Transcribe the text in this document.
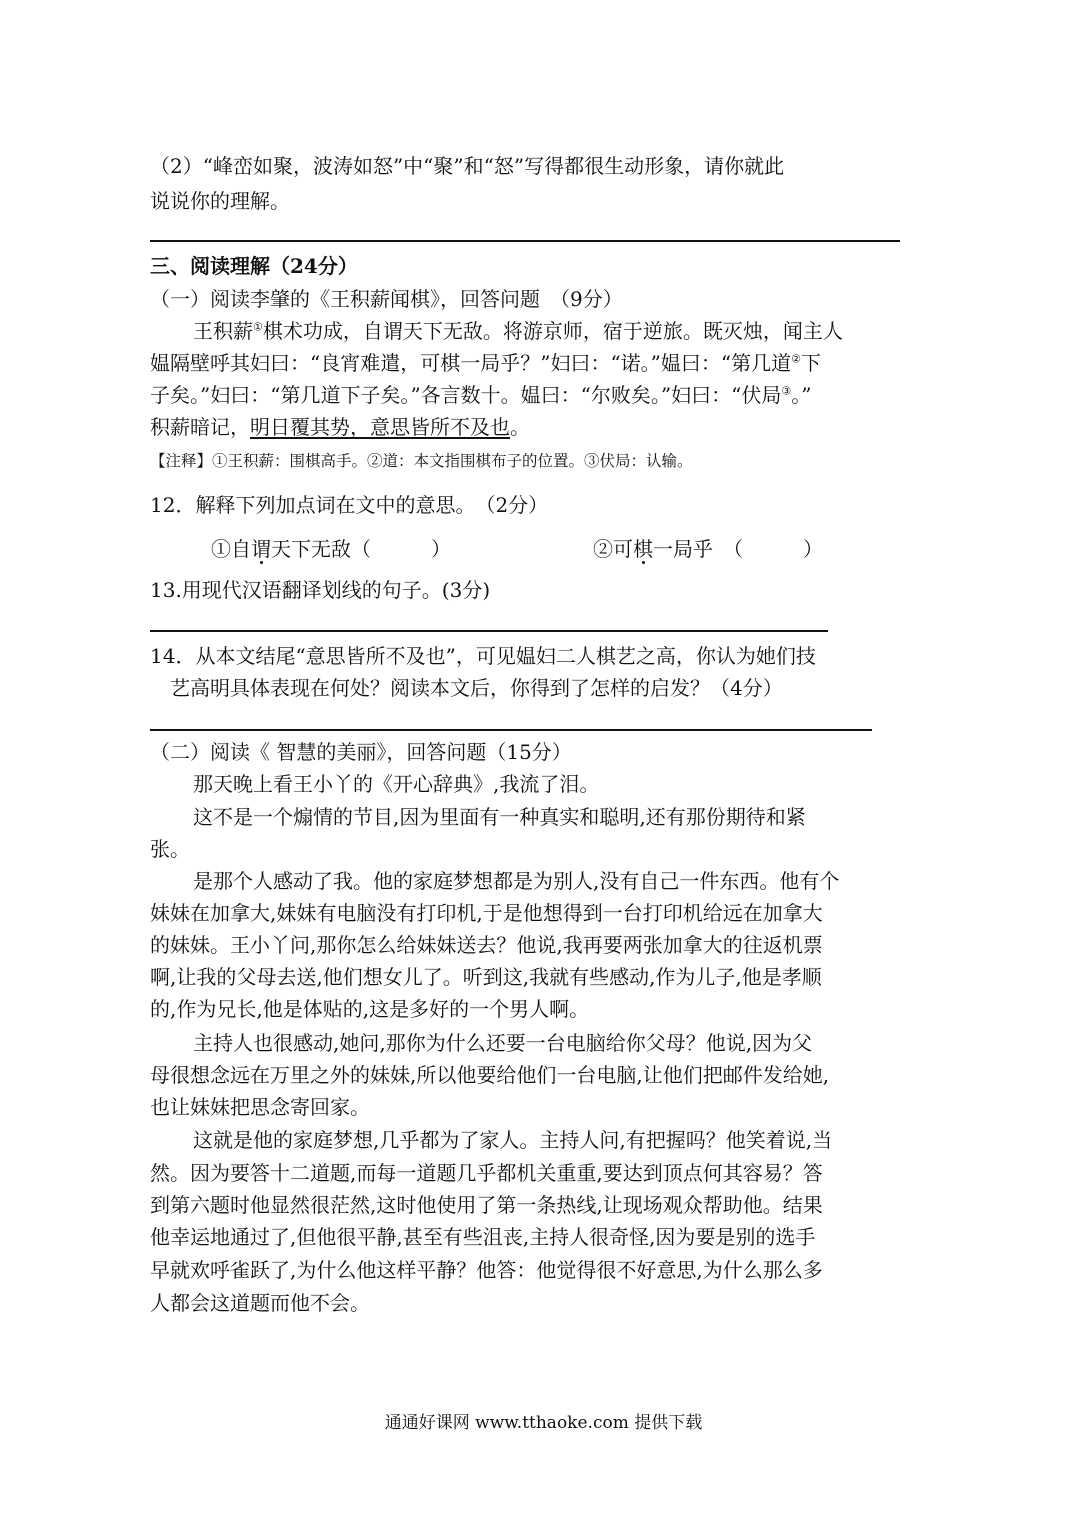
（2）“峰峦如聚，波涛如怒”中“聚”和“怒”写得都很生动形象，请你就此
说说你的理解。
三、阅读理解（24分）
（一）阅读李肇的《王积薪闻棋》，回答问题　（9分）
王积薪①棋术功成，自谓天下无敌。将游京师，宿于逆旅。既灭烛，闻主人
媪隔壁呼其妇曰：“良宵难遣，可棋一局乎？”妇曰：“诺。”媪曰：“第几道②下
子矣。”妇曰：“第几道下子矣。”各言数十。媪曰：“尔败矣。”妇曰：“伏局③。”
积薪暗记，明日覆其势，意思皆所不及也。
【注释】①王积薪：围棋高手。②道：本文指围棋布子的位置。③伏局：认输。
12．解释下列加点词在文中的意思。　（2分）
①自谓天下无敌（　　　）	②可棋一局乎　（　　　）
13.用现代汉语翻译划线的句子。(3分)
14．从本文结尾“意思皆所不及也”，可见媪妇二人棋艺之高，你认为她们技
艺高明具体表现在何处？阅读本文后，你得到了怎样的启发？（4分）
（二）阅读《 智慧的美丽》，回答问题（15分）
那天晚上看王小丫的《开心辞典》,我流了泪。
这不是一个煽情的节目,因为里面有一种真实和聪明,还有那份期待和紧
张。
是那个人感动了我。他的家庭梦想都是为别人,没有自己一件东西。他有个
妹妹在加拿大,妹妹有电脑没有打印机,于是他想得到一台打印机给远在加拿大
的妹妹。王小丫问,那你怎么给妹妹送去？他说,我再要两张加拿大的往返机票
啊,让我的父母去送,他们想女儿了。听到这,我就有些感动,作为儿子,他是孝顺
的,作为兄长,他是体贴的,这是多好的一个男人啊。
主持人也很感动,她问,那你为什么还要一台电脑给你父母？他说,因为父
母很想念远在万里之外的妹妹,所以他要给他们一台电脑,让他们把邮件发给她,
也让妹妹把思念寄回家。
这就是他的家庭梦想,几乎都为了家人。主持人问,有把握吗？他笑着说,当
然。因为要答十二道题,而每一道题几乎都机关重重,要达到顶点何其容易？答
到第六题时他显然很茫然,这时他使用了第一条热线,让现场观众帮助他。结果
他幸运地通过了,但他很平静,甚至有些沮丧,主持人很奇怪,因为要是别的选手
早就欢呼雀跃了,为什么他这样平静？他答：他觉得很不好意思,为什么那么多
人都会这道题而他不会。
通通好课网 www.tthaoke.com 提供下载
